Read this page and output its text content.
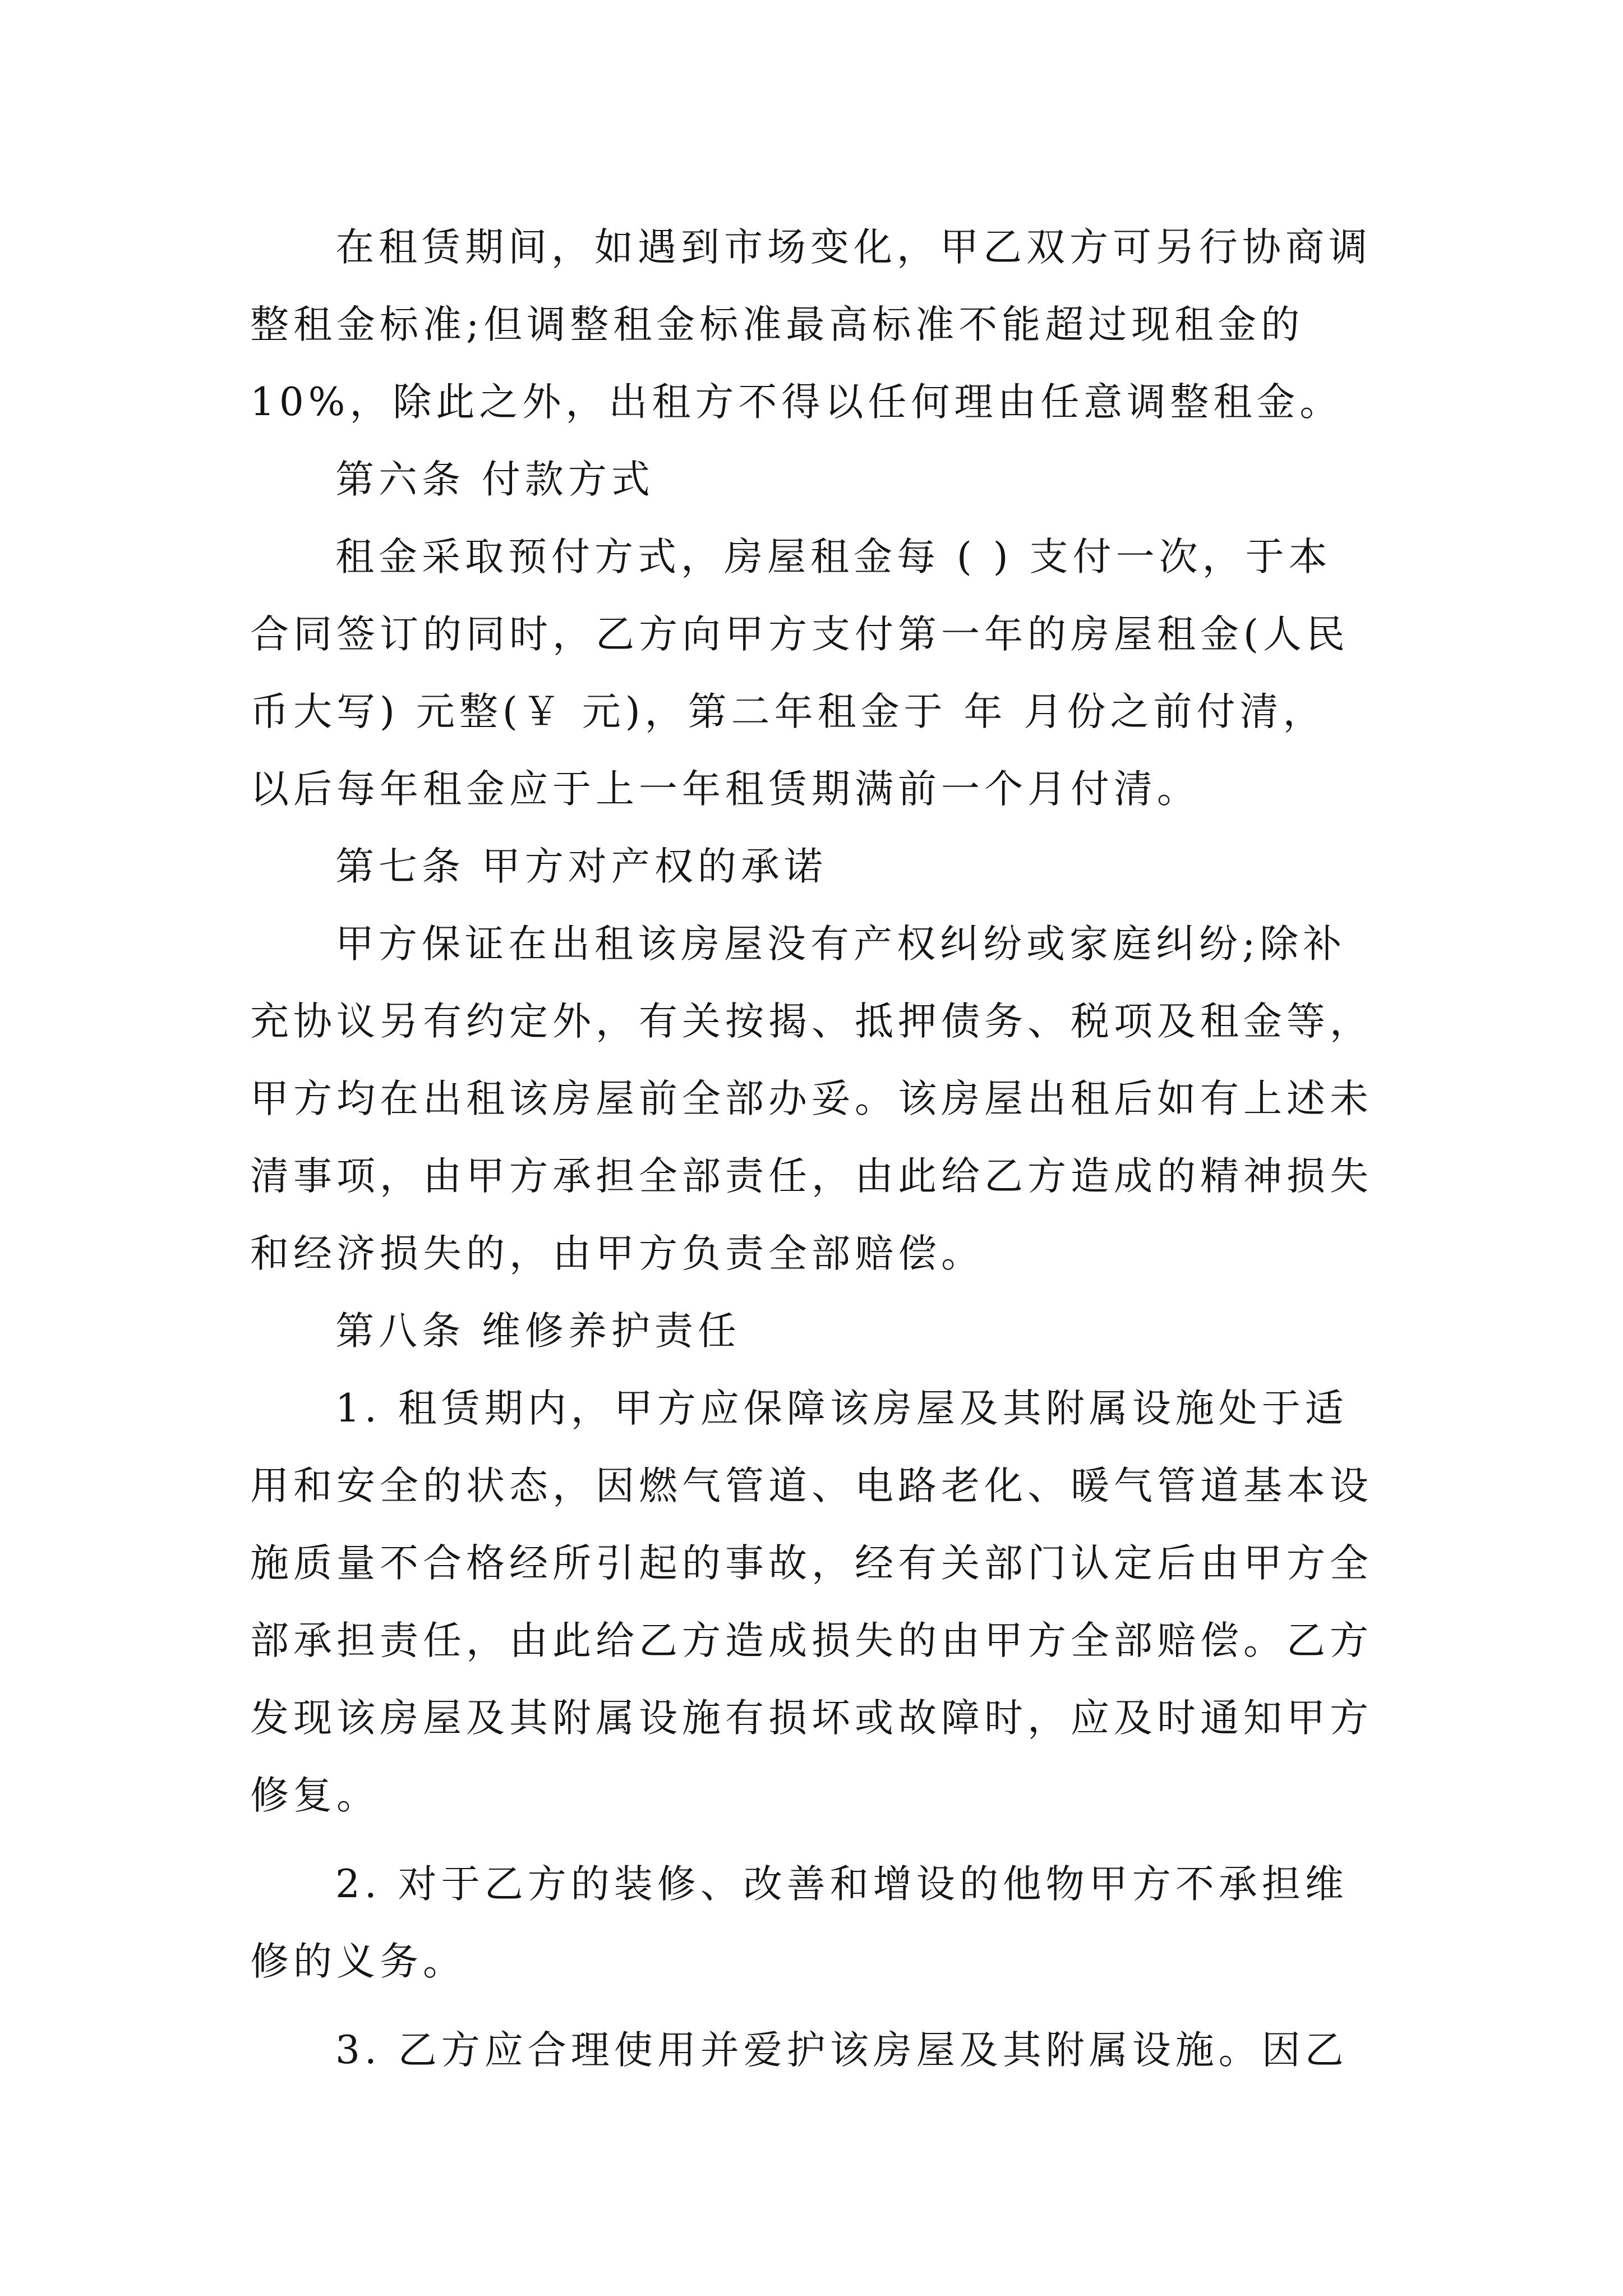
在租赁期间，如遇到市场变化，甲乙双方可另行协商调
整租金标准;但调整租金标准最高标准不能超过现租金的
10%，除此之外，出租方不得以任何理由任意调整租金。
第六条 付款方式
租金采取预付方式，房屋租金每 ( ) 支付一次，于本
合同签订的同时，乙方向甲方支付第一年的房屋租金(人民
币大写) 元整(￥ 元)，第二年租金于 年 月份之前付清，
以后每年租金应于上一年租赁期满前一个月付清。
第七条 甲方对产权的承诺
甲方保证在出租该房屋没有产权纠纷或家庭纠纷;除补
充协议另有约定外，有关按揭、抵押债务、税项及租金等，
甲方均在出租该房屋前全部办妥。该房屋出租后如有上述未
清事项，由甲方承担全部责任，由此给乙方造成的精神损失
和经济损失的，由甲方负责全部赔偿。
第八条 维修养护责任
1. 租赁期内，甲方应保障该房屋及其附属设施处于适
用和安全的状态，因燃气管道、电路老化、暖气管道基本设
施质量不合格经所引起的事故，经有关部门认定后由甲方全
部承担责任，由此给乙方造成损失的由甲方全部赔偿。乙方
发现该房屋及其附属设施有损坏或故障时，应及时通知甲方
修复。
2. 对于乙方的装修、改善和增设的他物甲方不承担维
修的义务。
3. 乙方应合理使用并爱护该房屋及其附属设施。因乙
